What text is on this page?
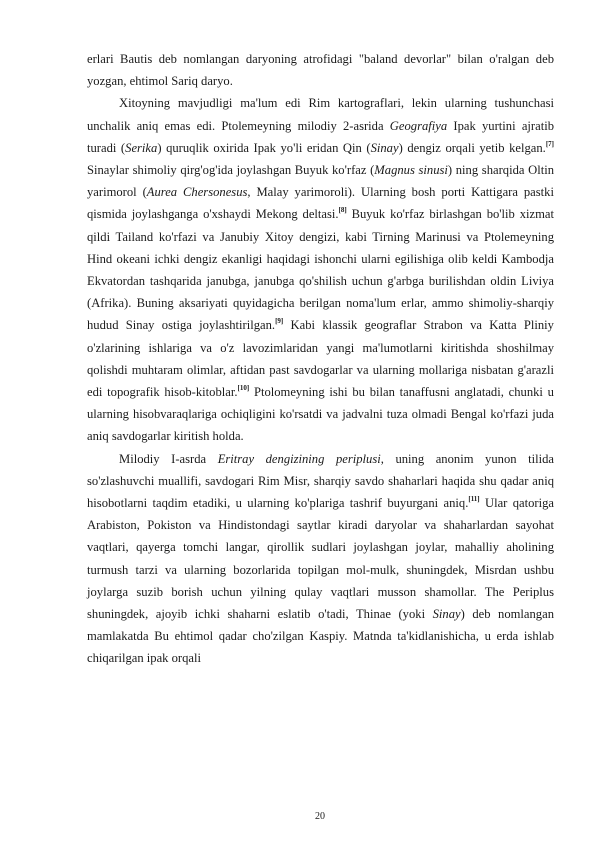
erlari Bautis deb nomlangan daryoning atrofidagi "baland devorlar" bilan o'ralgan deb yozgan, ehtimol Sariq daryo.

Xitoyning mavjudligi ma'lum edi Rim kartograflari, lekin ularning tushunchasi unchalik aniq emas edi. Ptolemeyning milodiy 2-asrida Geografiya Ipak yurtini ajratib turadi (Serika) quruqlik oxirida Ipak yo'li eridan Qin (Sinay) dengiz orqali yetib kelgan.[7] Sinaylar shimoliy qirg'og'ida joylashgan Buyuk ko'rfaz (Magnus sinusi) ning sharqida Oltin yarimorol (Aurea Chersonesus, Malay yarimoroli). Ularning bosh porti Kattigara pastki qismida joylashganga o'xshaydi Mekong deltasi.[8] Buyuk ko'rfaz birlashgan bo'lib xizmat qildi Tailand ko'rfazi va Janubiy Xitoy dengizi, kabi Tirning Marinusi va Ptolemeyning Hind okeani ichki dengiz ekanligi haqidagi ishonchi ularni egilishiga olib keldi Kambodja Ekvatordan tashqarida janubga, janubga qo'shilish uchun g'arbga burilishdan oldin Liviya (Afrika). Buning aksariyati quyidagicha berilgan noma'lum erlar, ammo shimoliy-sharqiy hudud Sinay ostiga joylashtirilgan.[9] Kabi klassik geograflar Strabon va Katta Pliniy o'zlarining ishlariga va o'z lavozimlaridan yangi ma'lumotlarni kiritishda shoshilmay qolishdi muhtaram olimlar, aftidan past savdogarlar va ularning mollariga nisbatan g'arazli edi topografik hisob-kitoblar.[10] Ptolomeyning ishi bu bilan tanaffusni anglatadi, chunki u ularning hisobvaraqlariga ochiqligini ko'rsatdi va jadvalni tuza olmadi Bengal ko'rfazi juda aniq savdogarlar kiritish holda.

Milodiy I-asrda Eritray dengizining periplusi, uning anonim yunon tilida so'zlashuvchi muallifi, savdogari Rim Misr, sharqiy savdo shaharlari haqida shu qadar aniq hisobotlarni taqdim etadiki, u ularning ko'plariga tashrif buyurgani aniq.[11] Ular qatoriga Arabiston, Pokiston va Hindistondagi saytlar kiradi daryolar va shaharlardan sayohat vaqtlari, qayerga tomchi langar, qirollik sudlari joylashgan joylar, mahalliy aholining turmush tarzi va ularning bozorlarida topilgan mol-mulk, shuningdek, Misrdan ushbu joylarga suzib borish uchun yilning qulay vaqtlari musson shamollar. The Periplus shuningdek, ajoyib ichki shaharni eslatib o'tadi, Thinae (yoki Sinay) deb nomlangan mamlakatda Bu ehtimol qadar cho'zilgan Kaspiy. Matnda ta'kidlanishicha, u erda ishlab chiqarilgan ipak orqali

20
